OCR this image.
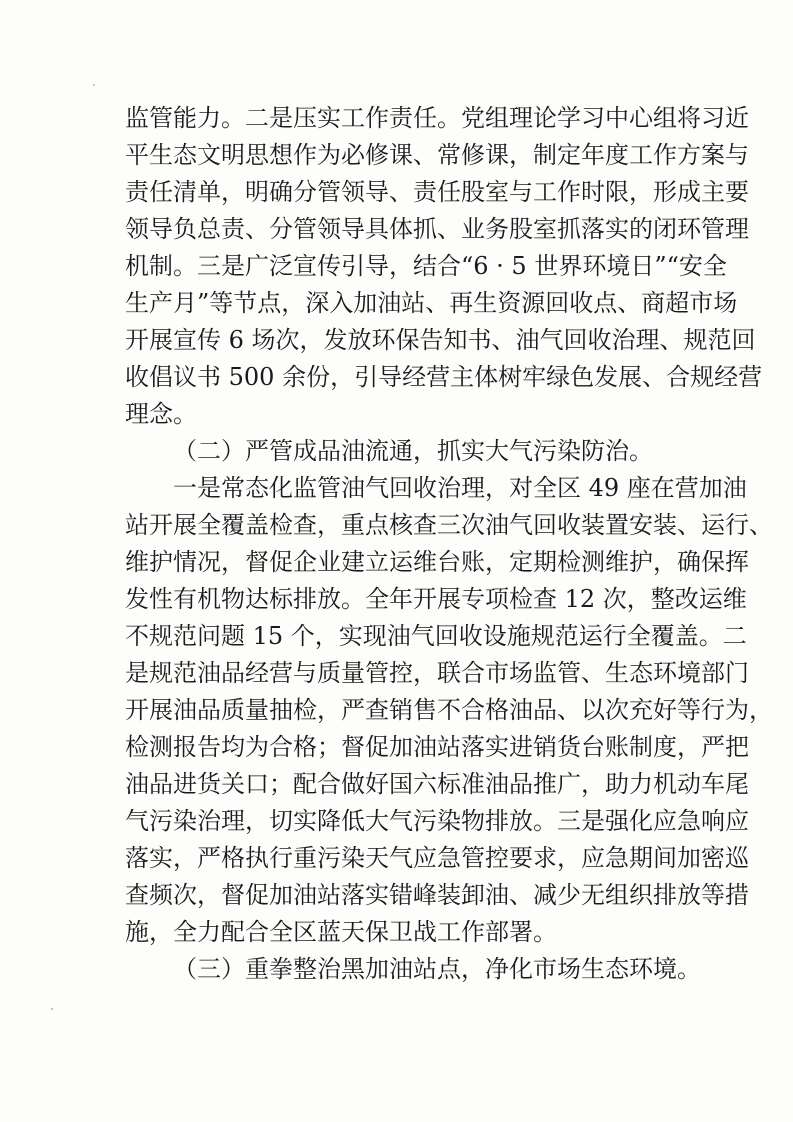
监管能力。二是压实工作责任。党组理论学习中心组将习近
平生态文明思想作为必修课、常修课，制定年度工作方案与
责任清单，明确分管领导、责任股室与工作时限，形成主要
领导负总责、分管领导具体抓、业务股室抓落实的闭环管理
机制。三是广泛宣传引导，结合“6 · 5 世界环境日”“安全
生产月”等节点，深入加油站、再生资源回收点、商超市场
开展宣传 6 场次，发放环保告知书、油气回收治理、规范回
收倡议书 500 余份，引导经营主体树牢绿色发展、合规经营
理念。
（二）严管成品油流通，抓实大气污染防治。
一是常态化监管油气回收治理，对全区 49 座在营加油
站开展全覆盖检查，重点核查三次油气回收装置安装、运行、
维护情况，督促企业建立运维台账，定期检测维护，确保挥
发性有机物达标排放。全年开展专项检查 12 次，整改运维
不规范问题 15 个，实现油气回收设施规范运行全覆盖。二
是规范油品经营与质量管控，联合市场监管、生态环境部门
开展油品质量抽检，严查销售不合格油品、以次充好等行为，
检测报告均为合格；督促加油站落实进销货台账制度，严把
油品进货关口；配合做好国六标准油品推广，助力机动车尾
气污染治理，切实降低大气污染物排放。三是强化应急响应
落实，严格执行重污染天气应急管控要求，应急期间加密巡
查频次，督促加油站落实错峰装卸油、减少无组织排放等措
施，全力配合全区蓝天保卫战工作部署。
（三）重拳整治黑加油站点，净化市场生态环境。
